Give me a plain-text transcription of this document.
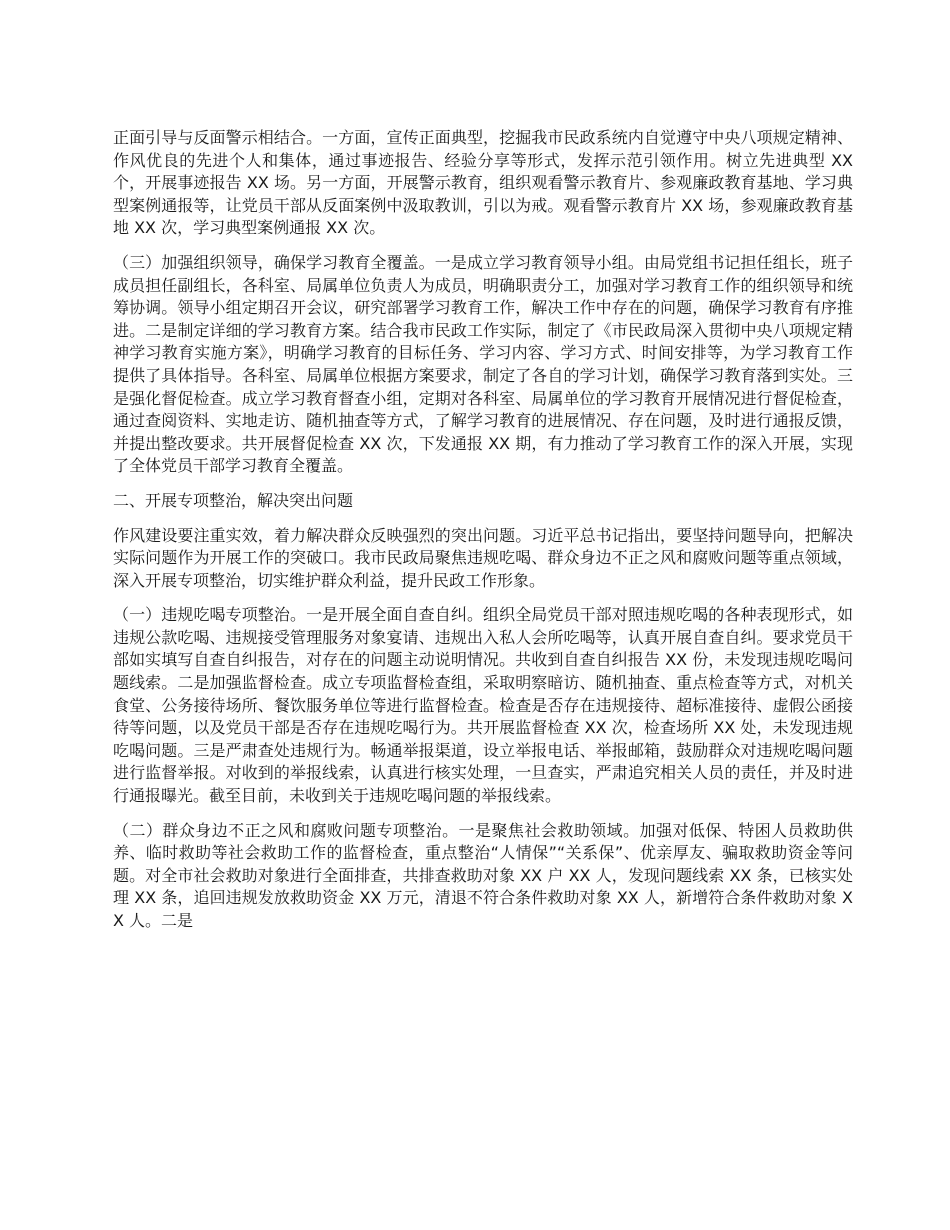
正面引导与反面警示相结合。一方面，宣传正面典型，挖掘我市民政系统内自觉遵守中央八项规定精神、作风优良的先进个人和集体，通过事迹报告、经验分享等形式，发挥示范引领作用。树立先进典型 XX 个，开展事迹报告 XX 场。另一方面，开展警示教育，组织观看警示教育片、参观廉政教育基地、学习典型案例通报等，让党员干部从反面案例中汲取教训，引以为戒。观看警示教育片 XX 场，参观廉政教育基地 XX 次，学习典型案例通报 XX 次。

（三）加强组织领导，确保学习教育全覆盖。一是成立学习教育领导小组。由局党组书记担任组长，班子成员担任副组长，各科室、局属单位负责人为成员，明确职责分工，加强对学习教育工作的组织领导和统筹协调。领导小组定期召开会议，研究部署学习教育工作，解决工作中存在的问题，确保学习教育有序推进。二是制定详细的学习教育方案。结合我市民政工作实际，制定了《市民政局深入贯彻中央八项规定精神学习教育实施方案》，明确学习教育的目标任务、学习内容、学习方式、时间安排等，为学习教育工作提供了具体指导。各科室、局属单位根据方案要求，制定了各自的学习计划，确保学习教育落到实处。三是强化督促检查。成立学习教育督查小组，定期对各科室、局属单位的学习教育开展情况进行督促检查，通过查阅资料、实地走访、随机抽查等方式，了解学习教育的进展情况、存在问题，及时进行通报反馈，并提出整改要求。共开展督促检查 XX 次，下发通报 XX 期，有力推动了学习教育工作的深入开展，实现了全体党员干部学习教育全覆盖。

二、开展专项整治，解决突出问题

作风建设要注重实效，着力解决群众反映强烈的突出问题。习近平总书记指出，要坚持问题导向，把解决实际问题作为开展工作的突破口。我市民政局聚焦违规吃喝、群众身边不正之风和腐败问题等重点领域，深入开展专项整治，切实维护群众利益，提升民政工作形象。

（一）违规吃喝专项整治。一是开展全面自查自纠。组织全局党员干部对照违规吃喝的各种表现形式，如违规公款吃喝、违规接受管理服务对象宴请、违规出入私人会所吃喝等，认真开展自查自纠。要求党员干部如实填写自查自纠报告，对存在的问题主动说明情况。共收到自查自纠报告 XX 份，未发现违规吃喝问题线索。二是加强监督检查。成立专项监督检查组，采取明察暗访、随机抽查、重点检查等方式，对机关食堂、公务接待场所、餐饮服务单位等进行监督检查。检查是否存在违规接待、超标准接待、虚假公函接待等问题，以及党员干部是否存在违规吃喝行为。共开展监督检查 XX 次，检查场所 XX 处，未发现违规吃喝问题。三是严肃查处违规行为。畅通举报渠道，设立举报电话、举报邮箱，鼓励群众对违规吃喝问题进行监督举报。对收到的举报线索，认真进行核实处理，一旦查实，严肃追究相关人员的责任，并及时进行通报曝光。截至目前，未收到关于违规吃喝问题的举报线索。

（二）群众身边不正之风和腐败问题专项整治。一是聚焦社会救助领域。加强对低保、特困人员救助供养、临时救助等社会救助工作的监督检查，重点整治“人情保”“关系保”、优亲厚友、骗取救助资金等问题。对全市社会救助对象进行全面排查，共排查救助对象 XX 户 XX 人，发现问题线索 XX 条，已核实处理 XX 条，追回违规发放救助资金 XX 万元，清退不符合条件救助对象 XX 人，新增符合条件救助对象 XX 人。二是
